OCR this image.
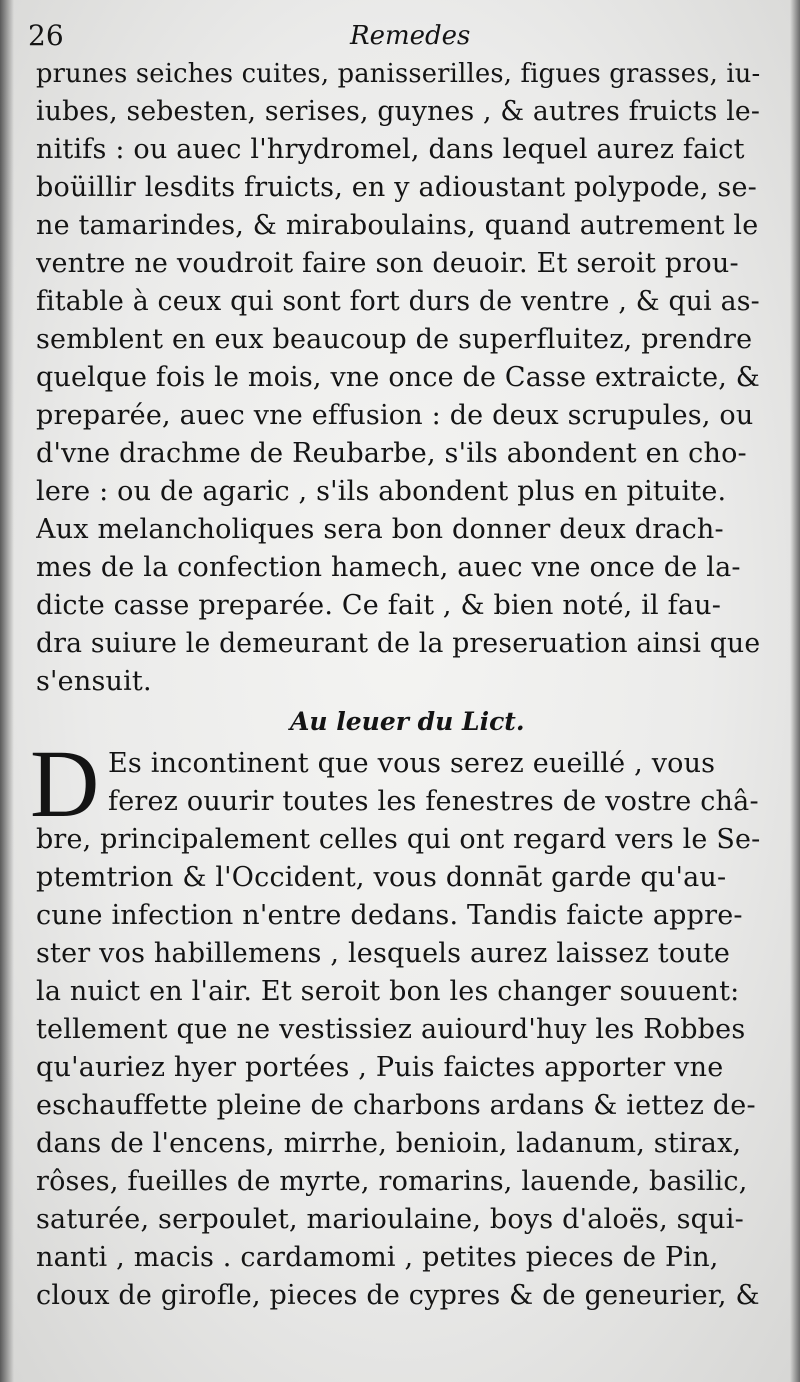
26	Remedes
prunes seiches cuites, panisserilles, figues grasses, iu-
iubes, sebesten, serises, guynes , & autres fruicts le-
nitifs : ou auec l'hrydromel, dans lequel aurez faict
boüillir lesdits fruicts, en y adioustant polypode, se-
ne tamarindes, & miraboulains, quand autrement le
ventre ne voudroit faire son deuoir. Et seroit prou-
fitable à ceux qui sont fort durs de ventre , & qui as-
semblent en eux beaucoup de superfluitez, prendre
quelque fois le mois, vne once de Casse extraicte, &
preparée, auec vne effusion : de deux scrupules, ou
d'vne drachme de Reubarbe, s'ils abondent en cho-
lere : ou de agaric , s'ils abondent plus en pituite.
Aux melancholiques sera bon donner deux drach-
mes de la confection hamech, auec vne once de la-
dicte casse preparée. Ce fait , & bien noté, il fau-
dra suiure le demeurant de la preseruation ainsi que
s'ensuit.
Au leuer du Lict.
D Es incontinent que vous serez eueillé , vous
ferez ouurir toutes les fenestres de vostre châ-
bre, principalement celles qui ont regard vers le Se-
ptemtrion & l'Occident, vous donnāt garde qu'au-
cune infection n'entre dedans. Tandis faicte appre-
ster vos habillemens , lesquels aurez laissez toute
la nuict en l'air. Et seroit bon les changer souuent:
tellement que ne vestissiez auiourd'huy les Robbes
qu'auriez hyer portées , Puis faictes apporter vne
eschauffette pleine de charbons ardans & iettez de-
dans de l'encens, mirrhe, benioin, ladanum, stirax,
rôses, fueilles de myrte, romarins, lauende, basilic,
saturée, serpoulet, marioulaine, boys d'aloës, squi-
nanti , macis . cardamomi , petites pieces de Pin,
cloux de girofle, pieces de cypres & de geneurier, &
